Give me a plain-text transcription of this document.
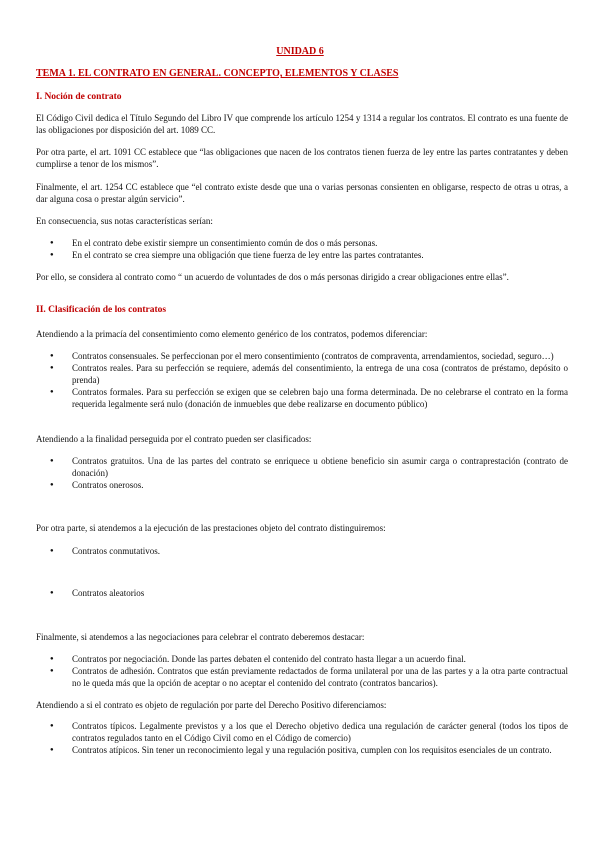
UNIDAD 6
TEMA 1. EL CONTRATO EN GENERAL. CONCEPTO, ELEMENTOS Y CLASES
I. Noción de contrato
El Código Civil dedica el Título Segundo del Libro IV que comprende los artículo 1254 y 1314 a regular los contratos. El contrato es una fuente de las obligaciones por disposición del art. 1089 CC.
Por otra parte, el art. 1091 CC establece que “las obligaciones que nacen de los contratos tienen fuerza de ley entre las partes contratantes y deben cumplirse a tenor de los mismos”.
Finalmente, el art. 1254 CC establece que “el contrato existe desde que una o varias personas consienten en obligarse, respecto de otras u otras, a dar alguna cosa o prestar algún servicio”.
En consecuencia, sus notas características serían:
● En el contrato debe existir siempre un consentimiento común de dos o más personas.
● En el contrato se crea siempre una obligación que tiene fuerza de ley entre las partes contratantes.
Por ello, se considera al contrato como “ un acuerdo de voluntades de dos o más personas dirigido a crear obligaciones entre ellas”.
II. Clasificación de los contratos
Atendiendo a la primacía del consentimiento como elemento genérico de los contratos, podemos diferenciar:
● Contratos consensuales. Se perfeccionan por el mero consentimiento (contratos de compraventa, arrendamientos, sociedad, seguro…)
● Contratos reales. Para su perfección se requiere, además del consentimiento, la entrega de una cosa (contratos de préstamo, depósito o prenda)
● Contratos formales. Para su perfección se exigen que se celebren bajo una forma determinada. De no celebrarse el contrato en la forma requerida legalmente será nulo (donación de inmuebles que debe realizarse en documento público)
Atendiendo a la finalidad perseguida por el contrato pueden ser clasificados:
● Contratos gratuitos. Una de las partes del contrato se enriquece u obtiene beneficio sin asumir carga o contraprestación (contrato de donación)
● Contratos onerosos.
Por otra parte, si atendemos a la ejecución de las prestaciones objeto del contrato distinguiremos:
● Contratos conmutativos.
● Contratos aleatorios
Finalmente, si atendemos a las negociaciones para celebrar el contrato deberemos destacar:
● Contratos por negociación. Donde las partes debaten el contenido del contrato hasta llegar a un acuerdo final.
● Contratos de adhesión. Contratos que están previamente redactados de forma unilateral por una de las partes y a la otra parte contractual no le queda más que la opción de aceptar o no aceptar el contenido del contrato (contratos bancarios).
Atendiendo a si el contrato es objeto de regulación por parte del Derecho Positivo diferenciamos:
● Contratos típicos. Legalmente previstos y a los que el Derecho objetivo dedica una regulación de carácter general (todos los tipos de contratos regulados tanto en el Código Civil como en el Código de comercio)
● Contratos atípicos. Sin tener un reconocimiento legal y una regulación positiva, cumplen con los requisitos esenciales de un contrato.
